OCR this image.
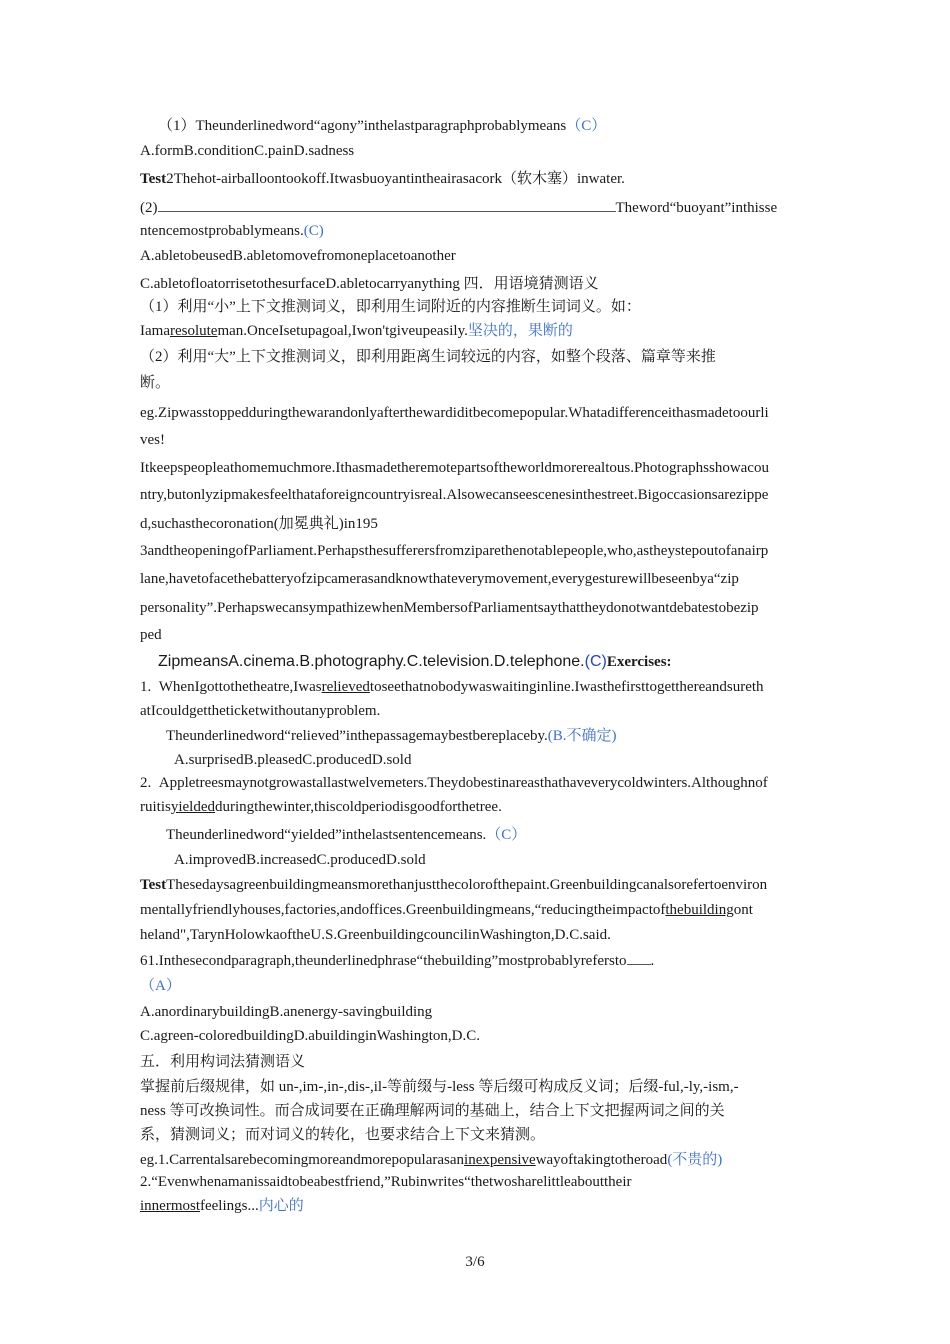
（1）Theunderlinedword“agony”inthelastparagraphprobablymeans（C）
A.formB.conditionC.painD.sadness
Test2Thehot-airballoontookoff.Itwasbuoyantintheairasacork（软木塞）inwater.
(2)	Theword“buoyant”inthisse
ntencemostprobablymeans.(C)
A.abletobeusedB.abletomovefromoneplacetoanother
C.abletofloatorrisetothesurfaceD.abletocarryanything 四．用语境猜测语义
（1）利用“小”上下文推测词义，即利用生词附近的内容推断生词词义。如：
Iamaresoluteman.OnceIsetupagoal,Iwon'tgiveupeasily.坚决的，果断的
（2）利用“大”上下文推测词义，即利用距离生词较远的内容，如整个段落、篇章等来推
断。
eg.Zipwasstoppedduringthewarandonlyafterthewardiditbecomepopular.Whatadifferenceithasmadetoourli
ves!
Itkeepspeopleathomemuchmore.Ithasmadetheremotepartsoftheworldmorerealtous.Photographsshowacou
ntry,butonlyzipmakesfeelthataforeigncountryisreal.Alsowecanseescenesinthestreet.Bigoccasionsarezippe
d,suchasthecoronation(加冕典礼)in195
3andtheopeningofParliament.Perhapsthesufferersfromziparethenotablepeople,who,astheystepoutofanairp
lane,havetofacethebatteryofzipcamerasandknowthateverymovement,everygesturewillbeseenbya“zip
personality”.PerhapswecansympathizewhenMembersofParliamentsaythattheydonotwantdebatestobezip
ped
ZipmeansA.cinema.B.photography.C.television.D.telephone.(C)Exercises:
1. WhenIgottothetheatre,Iwasrelievedtoseethatnobodywaswaitinginline.Iwasthefirsttogetthereandsureth
atIcouldgettheticketwithoutanyproblem.
Theunderlinedword“relieved”inthepassagemaybestbereplaceby.(B.不确定)
A.surprisedB.pleasedC.producedD.sold
2. Appletreesmaynotgrowastallastwelvemeters.Theydobestinareasthathaveverycoldwinters.Althoughnof
ruitisyieldedduringthewinter,thiscoldperiodisgoodforthetree.
Theunderlinedword“yielded”inthelastsentencemeans.（C）
A.improvedB.increasedC.producedD.sold
TestThesedaysagreenbuildingmeansmorethanjustthecolorofthepaint.Greenbuildingcanalsorefertoenviron
mentallyfriendlyhouses,factories,andoffices.Greenbuildingmeans,“reducingtheimpactofthebuildingont
heland",TarynHolowkaoftheU.S.GreenbuildingcouncilinWashington,D.C.said.
61.Inthesecondparagraph,theunderlinedphrase“thebuilding”mostprobablyrefersto .
（A）
A.anordinarybuildingB.anenergy-savingbuilding
C.agreen-coloredbuildingD.abuildinginWashington,D.C.
五．利用构词法猜测语义
掌握前后缀规律，如 un-,im-,in-,dis-,il-等前缀与-less 等后缀可构成反义词；后缀-ful,-ly,-ism,-
ness 等可改换词性。而合成词要在正确理解两词的基础上，结合上下文把握两词之间的关
系，猜测词义；而对词义的转化，也要求结合上下文来猜测。
eg.1.Carrentalsarebecomingmoreandmorepopularasaninexpensivewayoftakingtotheroad(不贵的)
2.“Evenwhenamanissaidtobeabestfriend,”Rubinwrites“thetwosharelittleabouttheir
innermostfeelings...内心的
3/6
